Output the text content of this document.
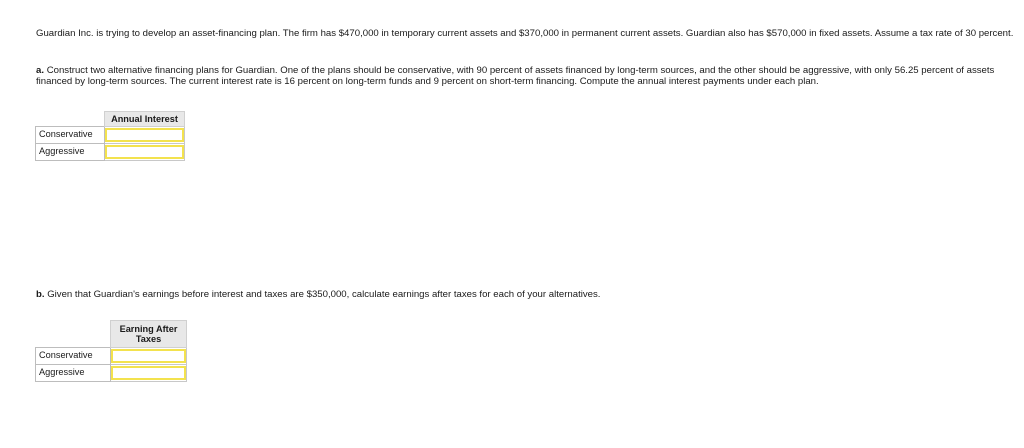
Guardian Inc. is trying to develop an asset-financing plan. The firm has $470,000 in temporary current assets and $370,000 in permanent current assets. Guardian also has $570,000 in fixed assets. Assume a tax rate of 30 percent.

a. Construct two alternative financing plans for Guardian. One of the plans should be conservative, with 90 percent of assets financed by long-term sources, and the other should be aggressive, with only 56.25 percent of assets financed by long-term sources. The current interest rate is 16 percent on long-term funds and 9 percent on short-term financing. Compute the annual interest payments under each plan.

	Annual Interest
Conservative	

Aggressive	

b. Given that Guardian's earnings before interest and taxes are $350,000, calculate earnings after taxes for each of your alternatives.

	Earning After
Taxes

Conservative	

Aggressive	
